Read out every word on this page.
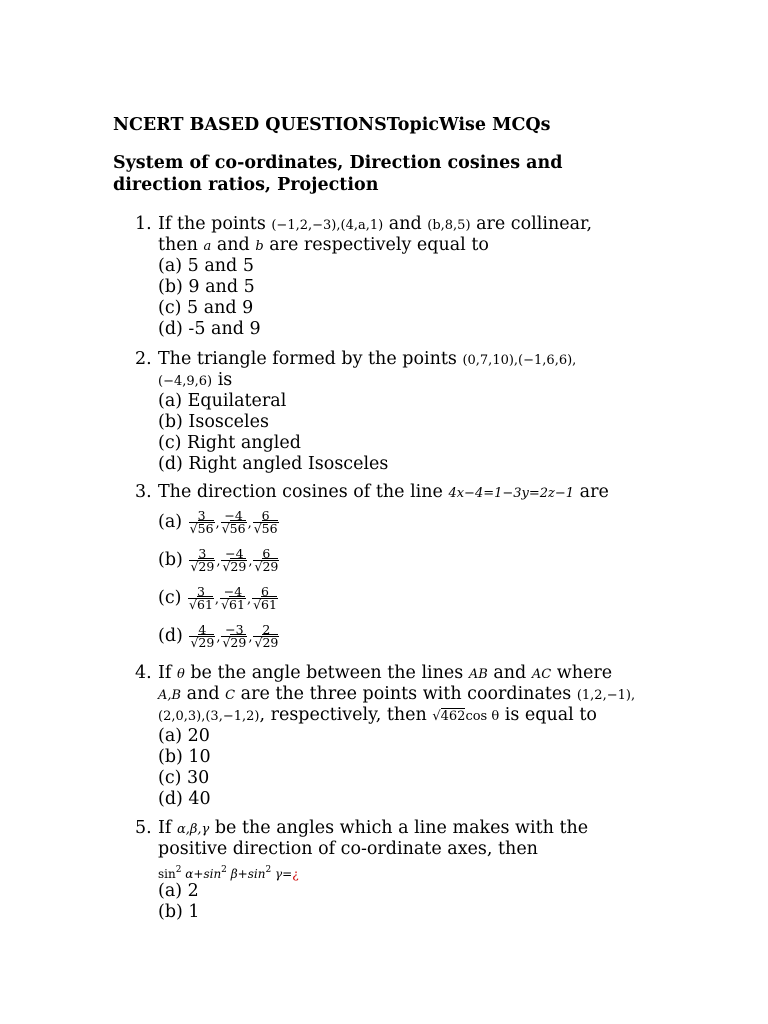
NCERT BASED QUESTIONSTopicWise MCQs

System of co-ordinates, Direction cosines and direction ratios, Projection

1. If the points (−1,2,−3),(4,a,1) and (b,8,5) are collinear,
then a and b are respectively equal to
(a) 5 and 5
(b) 9 and 5
(c) 5 and 9
(d) -5 and 9
2. The triangle formed by the points (0,7,10),(−1,6,6),
(−4,9,6) is
(a) Equilateral
(b) Isosceles
(c) Right angled
(d) Right angled Isosceles
3. The direction cosines of the line 4x−4=1−3y=2z−1 are
$(a) \frac{3}{√56}$ , $\frac{-4}{√56}$ , $\frac{6}{√56}$
$(b) \frac{3}{√29}$ , $\frac{-4}{√29}$ , $\frac{6}{√29}$
$(c) \frac{3}{√61}$ , $\frac{-4}{√61}$ , $\frac{6}{√61}$
$(d) \frac{4}{√29}$ , $\frac{-3}{√29}$ , $\frac{2}{√29}$
4. If θ be the angle between the lines AB and AC where
A,B and C are the three points with coordinates (1,2,−1),
(2,0,3),(3,−1,2), respectively, then √462cos θ is equal to
(a) 20
(b) 10
(c) 30
(d) 40
5. If α,β,γ be the angles which a line makes with the
positive direction of co-ordinate axes, then
$\sin^2 \alpha+\sin^2$ $\beta+\sin^2$ γ=¿
(a) 2
(b) 1
